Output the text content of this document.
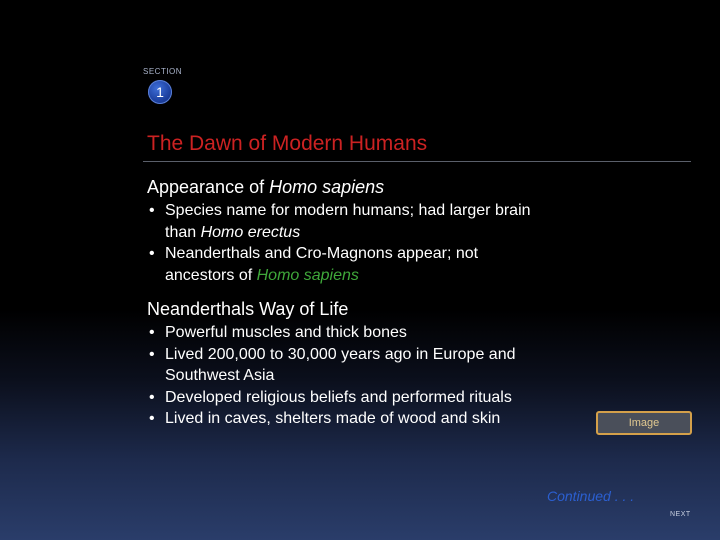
SECTION
1
The Dawn of Modern Humans
Appearance of Homo sapiens
• Species name for modern humans; had larger brain than Homo erectus
• Neanderthals and Cro-Magnons appear; not ancestors of Homo sapiens
Neanderthals Way of Life
• Powerful muscles and thick bones
• Lived 200,000 to 30,000 years ago in Europe and Southwest Asia
• Developed religious beliefs and performed rituals
• Lived in caves, shelters made of wood and skin	Image
Continued . . .
NEXT
